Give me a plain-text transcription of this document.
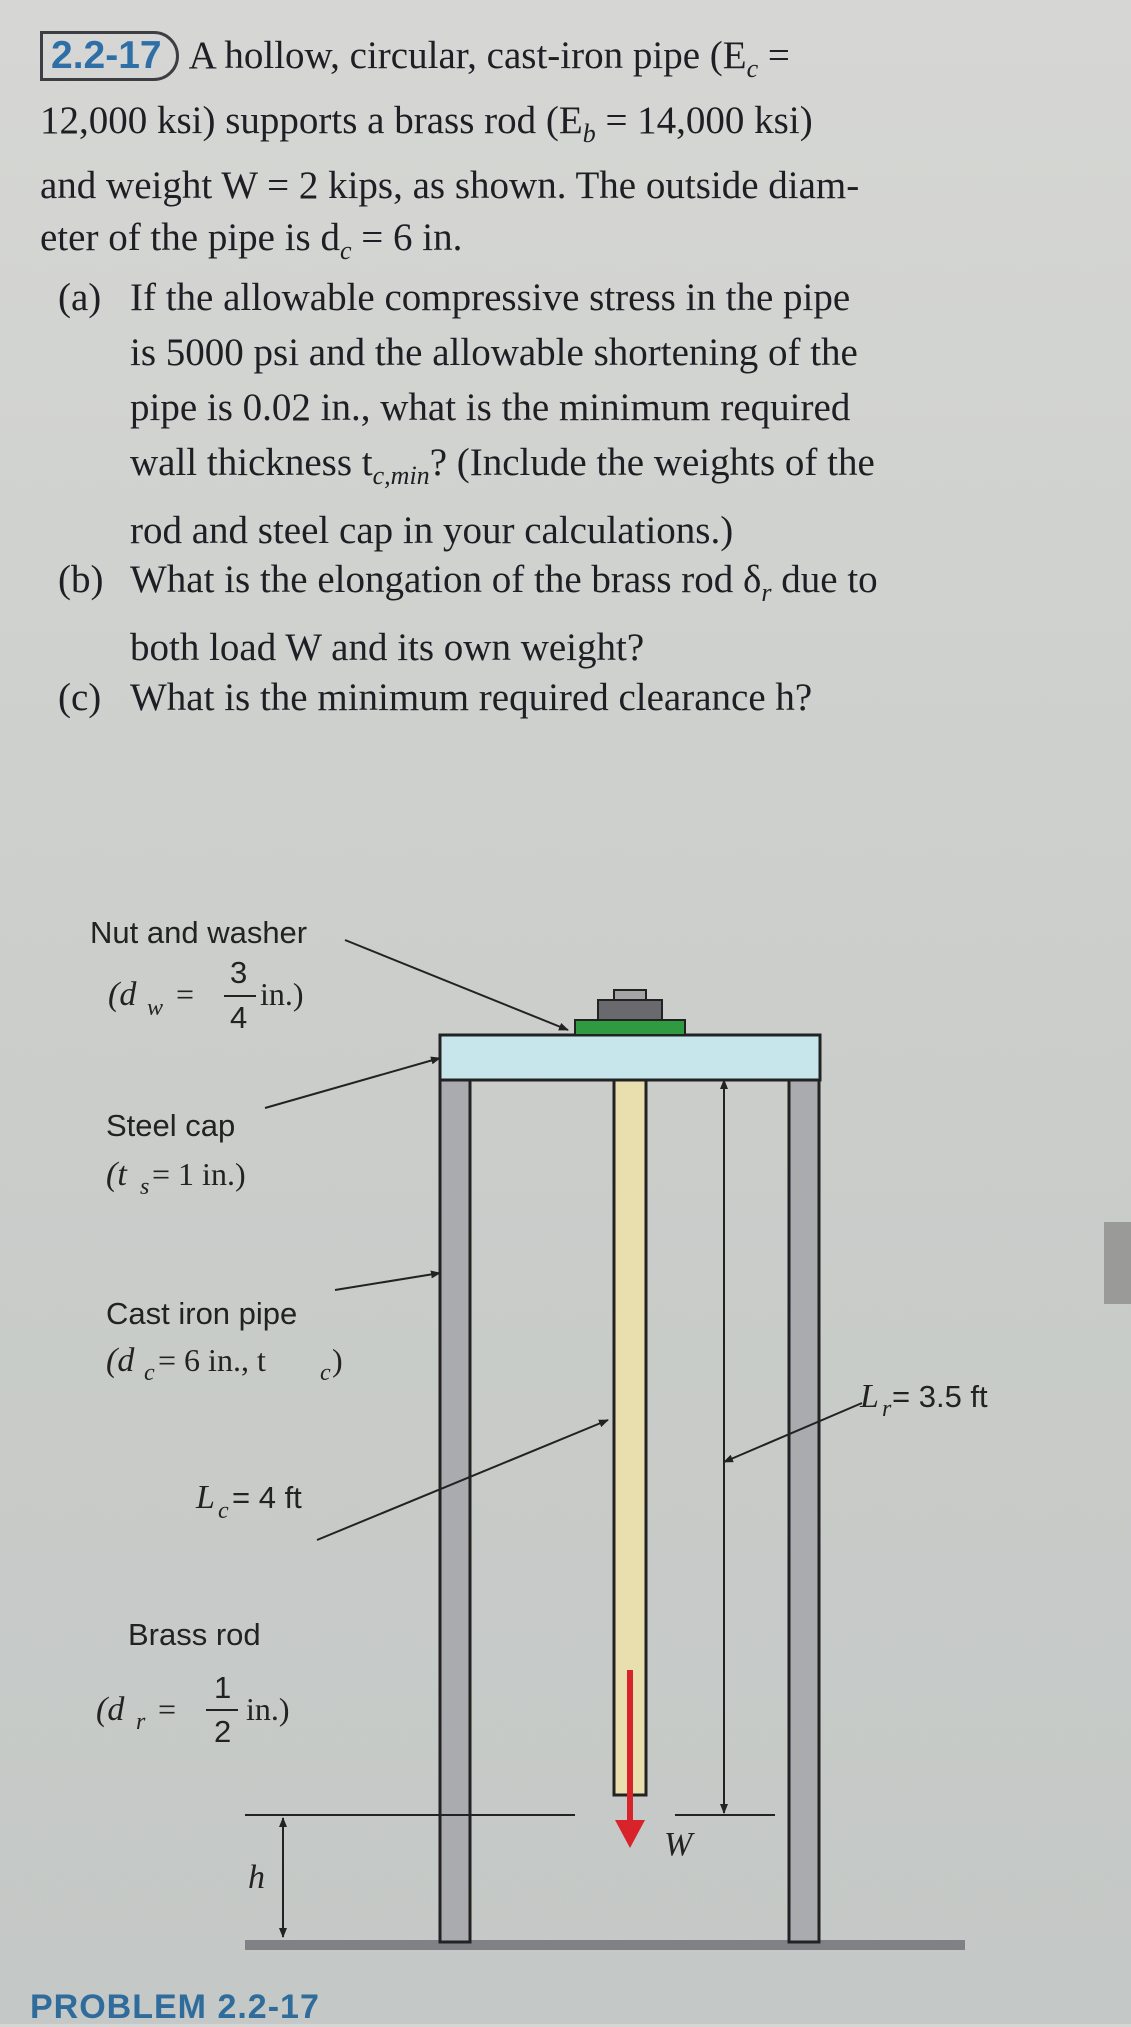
2.2-17 A hollow, circular, cast-iron pipe ($E_c$ =
12,000 ksi) supports a brass rod ($E_b = 14,000$ ksi)
and weight W = 2 kips, as shown. The outside diam-
eter of the pipe is $d_c = 6$ in.
(a) If the allowable compressive stress in the pipe
is 5000 psi and the allowable shortening of the
pipe is 0.02 in., what is the minimum required
wall thickness $t_{c,min}$? (Include the weights of the
rod and steel cap in your calculations.)
(b) What is the elongation of the brass rod $\delta_r$ due to
both load W and its own weight?
(c) What is the minimum required clearance h?
W
h
Nut and washer
(d w =
3
4
in.)
Steel cap
(t s = 1 in.)
Cast iron pipe
(d c = 6 in., t c )
L c = 4 ft
L r = 3.5 ft
Brass rod
(d r =
1
2
in.)
PROBLEM 2.2-17
